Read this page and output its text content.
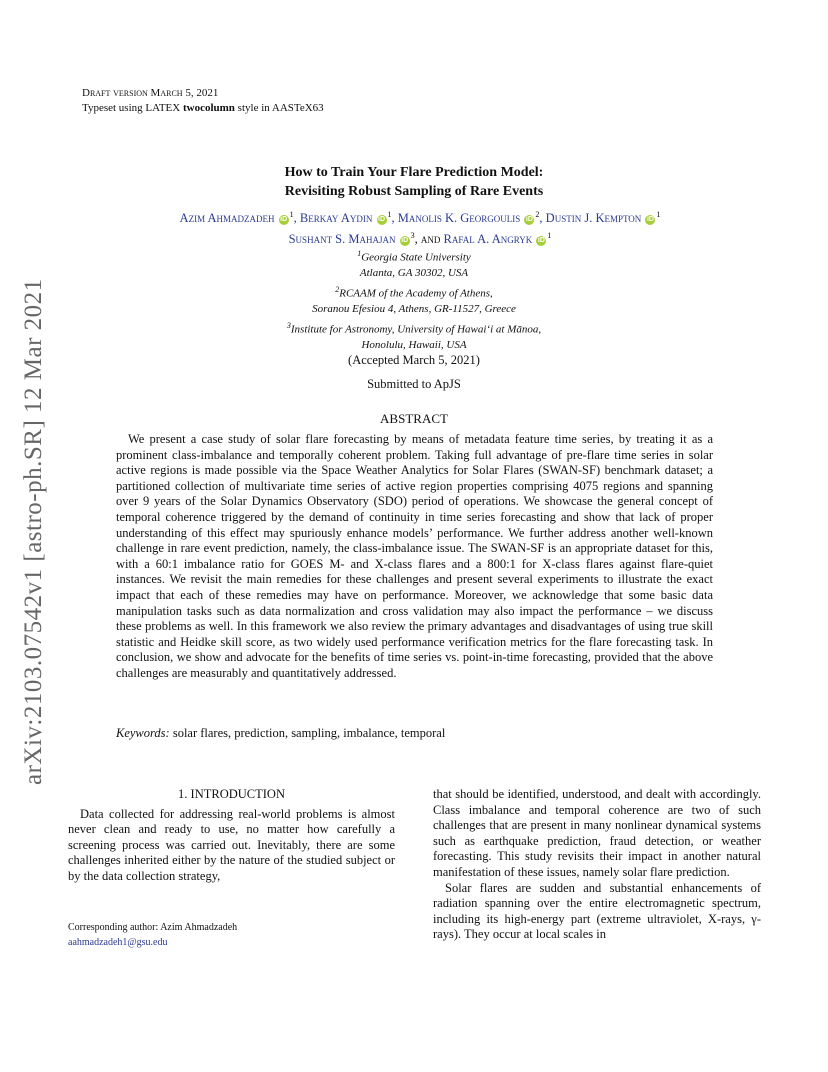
Draft version March 5, 2021
Typeset using LATEX twocolumn style in AASTeX63
How to Train Your Flare Prediction Model:
Revisiting Robust Sampling of Rare Events
Azim Ahmadzadeh $iD^1$, Berkay Aydin $iD^1$, Manolis K. Georgoulis $iD^2$, Dustin J. Kempton $iD^1$
Sushant S. Mahajan $iD^3$, and Rafal A. Angryk $iD^1$
$^1$Georgia State University
Atlanta, GA 30302, USA
$^2$RCAAM of the Academy of Athens,
Soranou Efesiou 4, Athens, GR-11527, Greece
$^3$Institute for Astronomy, University of Hawai‘i at Mānoa,
Honolulu, Hawaii, USA
(Accepted March 5, 2021)
Submitted to ApJS
ABSTRACT
We present a case study of solar flare forecasting by means of metadata feature time series, by treating it as a prominent class-imbalance and temporally coherent problem. Taking full advantage of pre-flare time series in solar active regions is made possible via the Space Weather Analytics for Solar Flares (SWAN-SF) benchmark dataset; a partitioned collection of multivariate time series of active region properties comprising 4075 regions and spanning over 9 years of the Solar Dynamics Observatory (SDO) period of operations. We showcase the general concept of temporal coherence triggered by the demand of continuity in time series forecasting and show that lack of proper understanding of this effect may spuriously enhance models’ performance. We further address another well-known challenge in rare event prediction, namely, the class-imbalance issue. The SWAN-SF is an appropriate dataset for this, with a 60:1 imbalance ratio for GOES M- and X-class flares and a 800:1 for X-class flares against flare-quiet instances. We revisit the main remedies for these challenges and present several experiments to illustrate the exact impact that each of these remedies may have on performance. Moreover, we acknowledge that some basic data manipulation tasks such as data normalization and cross validation may also impact the performance – we discuss these problems as well. In this framework we also review the primary advantages and disadvantages of using true skill statistic and Heidke skill score, as two widely used performance verification metrics for the flare forecasting task. In conclusion, we show and advocate for the benefits of time series vs. point-in-time forecasting, provided that the above challenges are measurably and quantitatively addressed.
Keywords: solar flares, prediction, sampling, imbalance, temporal
1. INTRODUCTION
Data collected for addressing real-world problems is almost never clean and ready to use, no matter how carefully a screening process was carried out. Inevitably, there are some challenges inherited either by the nature of the studied subject or by the data collection strategy,
that should be identified, understood, and dealt with accordingly. Class imbalance and temporal coherence are two of such challenges that are present in many nonlinear dynamical systems such as earthquake prediction, fraud detection, or weather forecasting. This study revisits their impact in another natural manifestation of these issues, namely solar flare prediction.
Solar flares are sudden and substantial enhancements of radiation spanning over the entire electromagnetic spectrum, including its high-energy part (extreme ultraviolet, X-rays, γ-rays). They occur at local scales in
Corresponding author: Azim Ahmadzadeh
aahmadzadeh1@gsu.edu
arXiv:2103.07542v1 [astro-ph.SR] 12 Mar 2021
